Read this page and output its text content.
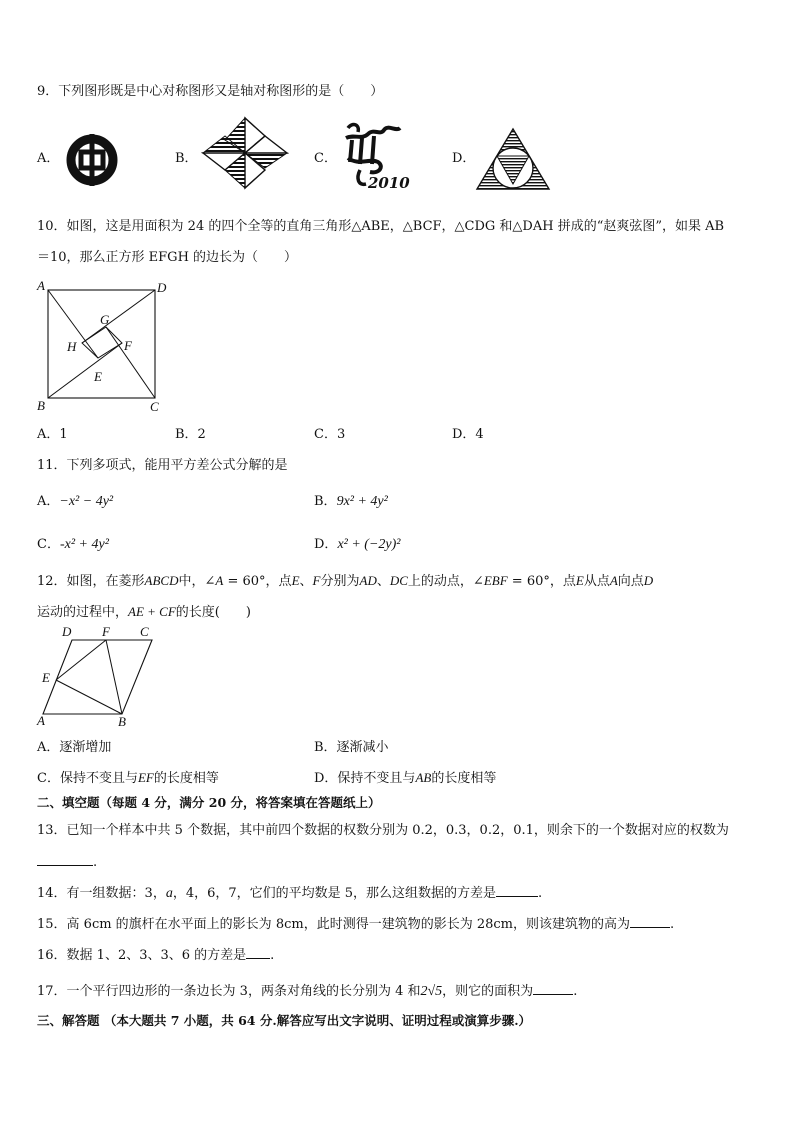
9．下列图形既是中心对称图形又是轴对称图形的是（　　）
A．	B．	C．
2010
D．
10．如图，这是用面积为 24 的四个全等的直角三角形△ABE，△BCF，△CDG 和△DAH 拼成的“赵爽弦图”，如果 AB
＝10，那么正方形 EFGH 的边长为（　　）
A	D
B	C
G
H	F
E
A．1	B．2	C．3	D．4
11．下列多项式，能用平方差公式分解的是
A．−x² − 4y²	B．9x² + 4y²
C．-x² + 4y²	D．x² + (−2y)²
12．如图，在菱形ABCD中，∠A = 60°，点E、F分别为AD、DC上的动点，∠EBF = 60°，点E从点A向点D
运动的过程中，AE + CF的长度(　　)
D F C
E
A	B
A．逐渐增加	B．逐渐减小
C．保持不变且与EF的长度相等	D．保持不变且与AB的长度相等
二、填空题（每题 4 分，满分 20 分，将答案填在答题纸上）
13．已知一个样本中共 5 个数据，其中前四个数据的权数分别为 0.2，0.3，0.2，0.1，则余下的一个数据对应的权数为
.
14．有一组数据：3，a，4，6，7，它们的平均数是 5，那么这组数据的方差是	.
15．高 6cm 的旗杆在水平面上的影长为 8cm，此时测得一建筑物的影长为 28cm，则该建筑物的高为	.
16．数据 1、2、3、3、6 的方差是 .
17．一个平行四边形的一条边长为 3，两条对角线的长分别为 4 和2√5，则它的面积为	.
三、解答题 （本大题共 7 小题，共 64 分.解答应写出文字说明、证明过程或演算步骤.）
